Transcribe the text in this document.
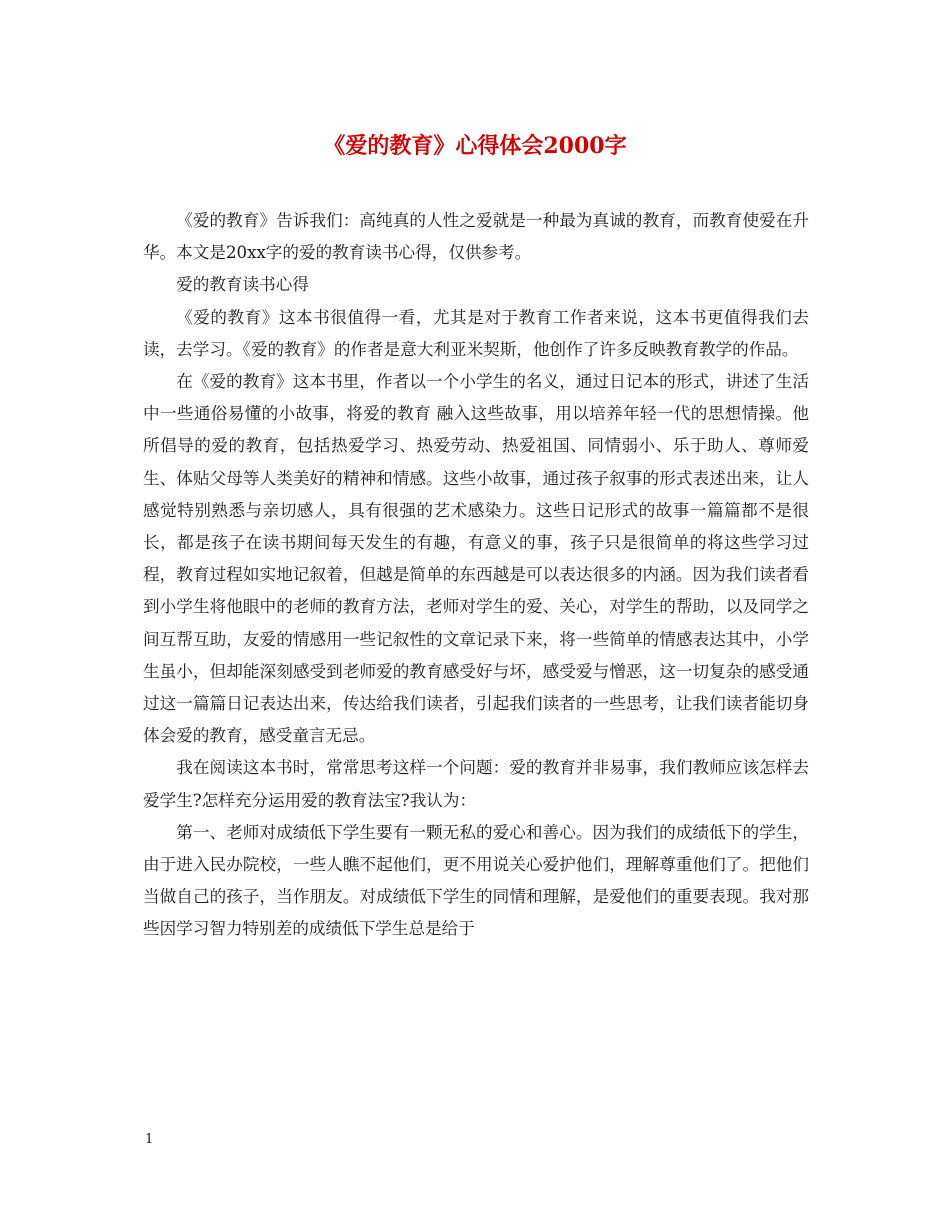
《爱的教育》心得体会2000字

《爱的教育》告诉我们：高纯真的人性之爱就是一种最为真诚的教育，而教育使爱在升华。本文是20xx字的爱的教育读书心得，仅供参考。

爱的教育读书心得

《爱的教育》这本书很值得一看，尤其是对于教育工作者来说，这本书更值得我们去读，去学习。《爱的教育》的作者是意大利亚米契斯，他创作了许多反映教育教学的作品。

在《爱的教育》这本书里，作者以一个小学生的名义，通过日记本的形式，讲述了生活中一些通俗易懂的小故事，将爱的教育 融入这些故事，用以培养年轻一代的思想情操。他所倡导的爱的教育，包括热爱学习、热爱劳动、热爱祖国、同情弱小、乐于助人、尊师爱生、体贴父母等人类美好的精神和情感。这些小故事，通过孩子叙事的形式表述出来，让人感觉特别熟悉与亲切感人，具有很强的艺术感染力。这些日记形式的故事一篇篇都不是很长，都是孩子在读书期间每天发生的有趣，有意义的事，孩子只是很简单的将这些学习过程，教育过程如实地记叙着，但越是简单的东西越是可以表达很多的内涵。因为我们读者看到小学生将他眼中的老师的教育方法，老师对学生的爱、关心，对学生的帮助，以及同学之间互帮互助，友爱的情感用一些记叙性的文章记录下来，将一些简单的情感表达其中，小学生虽小，但却能深刻感受到老师爱的教育感受好与坏，感受爱与憎恶，这一切复杂的感受通过这一篇篇日记表达出来，传达给我们读者，引起我们读者的一些思考，让我们读者能切身体会爱的教育，感受童言无忌。

我在阅读这本书时，常常思考这样一个问题：爱的教育并非易事，我们教师应该怎样去爱学生?怎样充分运用爱的教育法宝?我认为：

第一、老师对成绩低下学生要有一颗无私的爱心和善心。因为我们的成绩低下的学生，由于进入民办院校，一些人瞧不起他们，更不用说关心爱护他们，理解尊重他们了。把他们当做自己的孩子，当作朋友。对成绩低下学生的同情和理解，是爱他们的重要表现。我对那些因学习智力特别差的成绩低下学生总是给于

1
